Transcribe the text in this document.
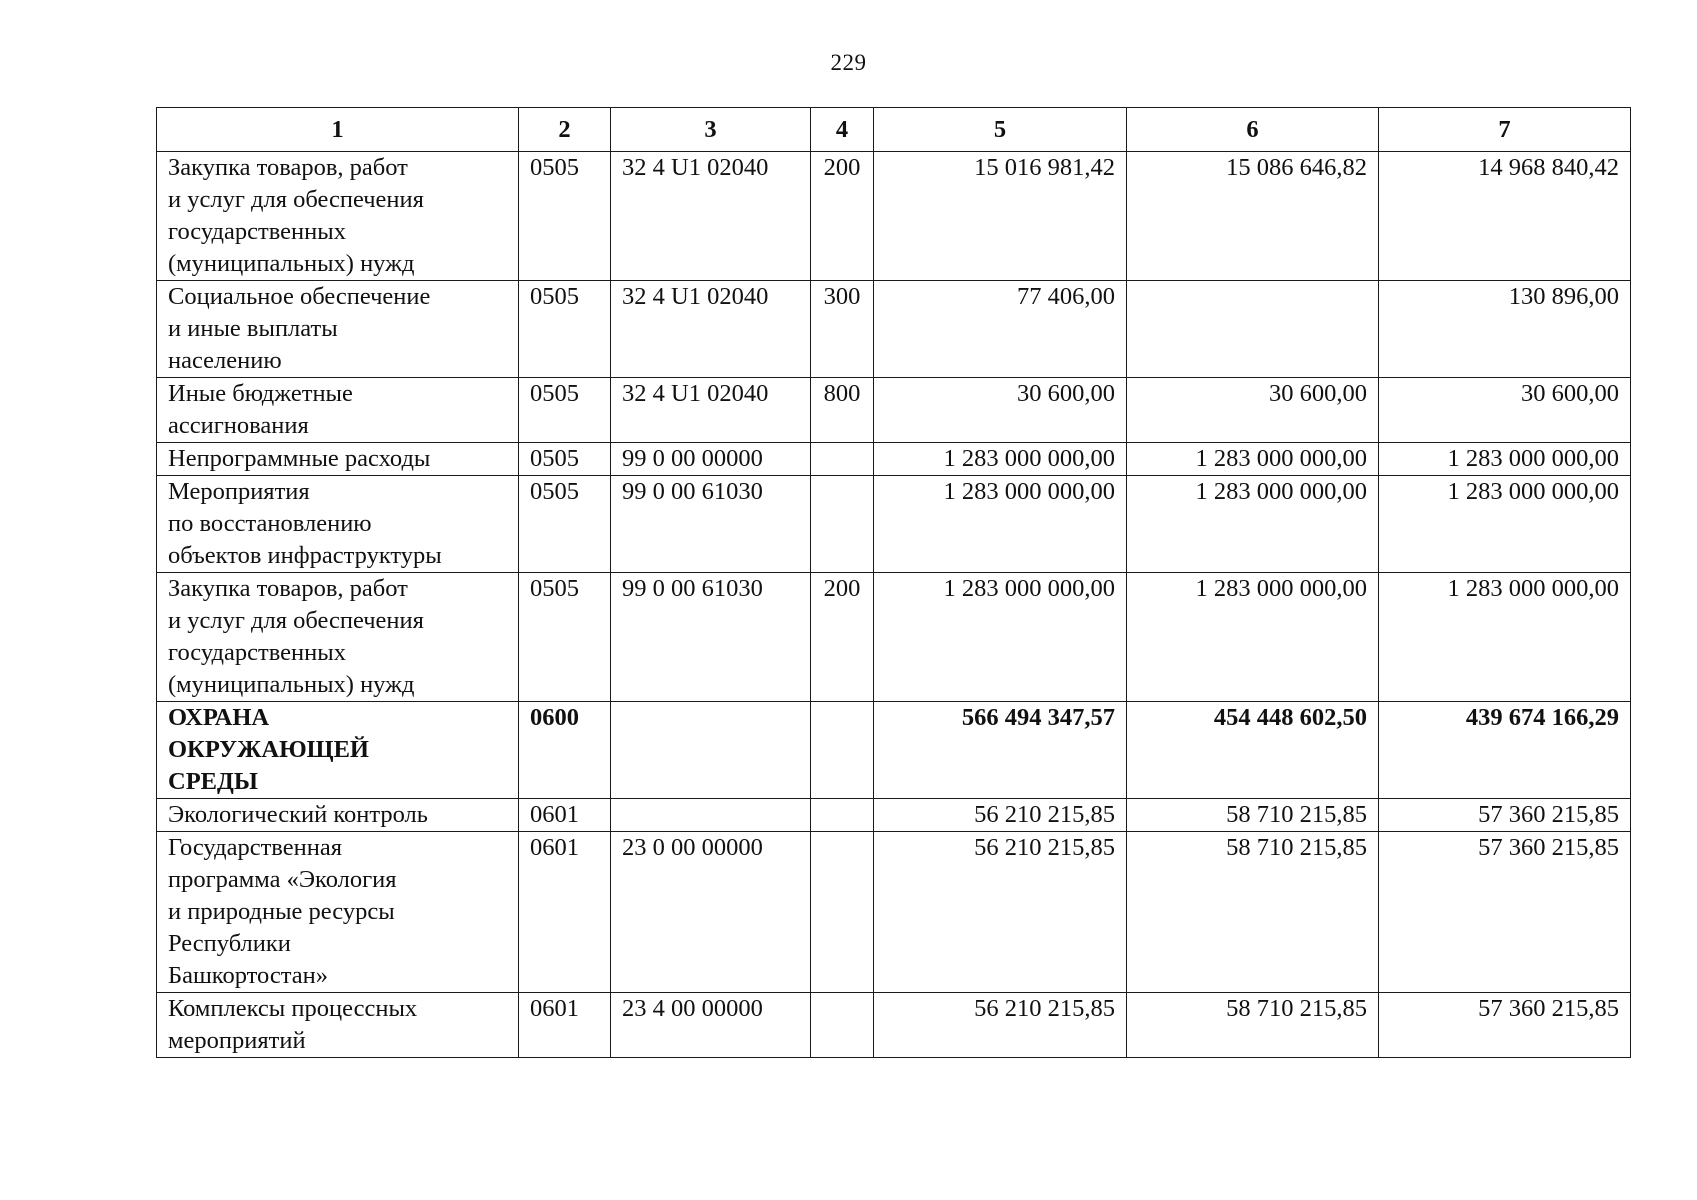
229
1	2	3	4	5	6	7

Закупка товаров, работ
и услуг для обеспечения
государственных
(муниципальных) нужд	0505	32 4 U1 02040	200	15 016 981,42	15 086 646,82	14 968 840,42

Социальное обеспечение
и иные выплаты
населению	0505	32 4 U1 02040	300	77 406,00		130 896,00

Иные бюджетные
ассигнования	0505	32 4 U1 02040	800	30 600,00	30 600,00	30 600,00

Непрограммные расходы	0505	99 0 00 00000		1 283 000 000,00	1 283 000 000,00	1 283 000 000,00

Мероприятия
по восстановлению
объектов инфраструктуры	0505	99 0 00 61030		1 283 000 000,00	1 283 000 000,00	1 283 000 000,00

Закупка товаров, работ
и услуг для обеспечения
государственных
(муниципальных) нужд	0505	99 0 00 61030	200	1 283 000 000,00	1 283 000 000,00	1 283 000 000,00

ОХРАНА
ОКРУЖАЮЩЕЙ
СРЕДЫ	0600			566 494 347,57	454 448 602,50	439 674 166,29

Экологический контроль	0601			56 210 215,85	58 710 215,85	57 360 215,85

Государственная
программа «Экология
и природные ресурсы
Республики
Башкортостан»	0601	23 0 00 00000		56 210 215,85	58 710 215,85	57 360 215,85

Комплексы процессных
мероприятий	0601	23 4 00 00000		56 210 215,85	58 710 215,85	57 360 215,85
